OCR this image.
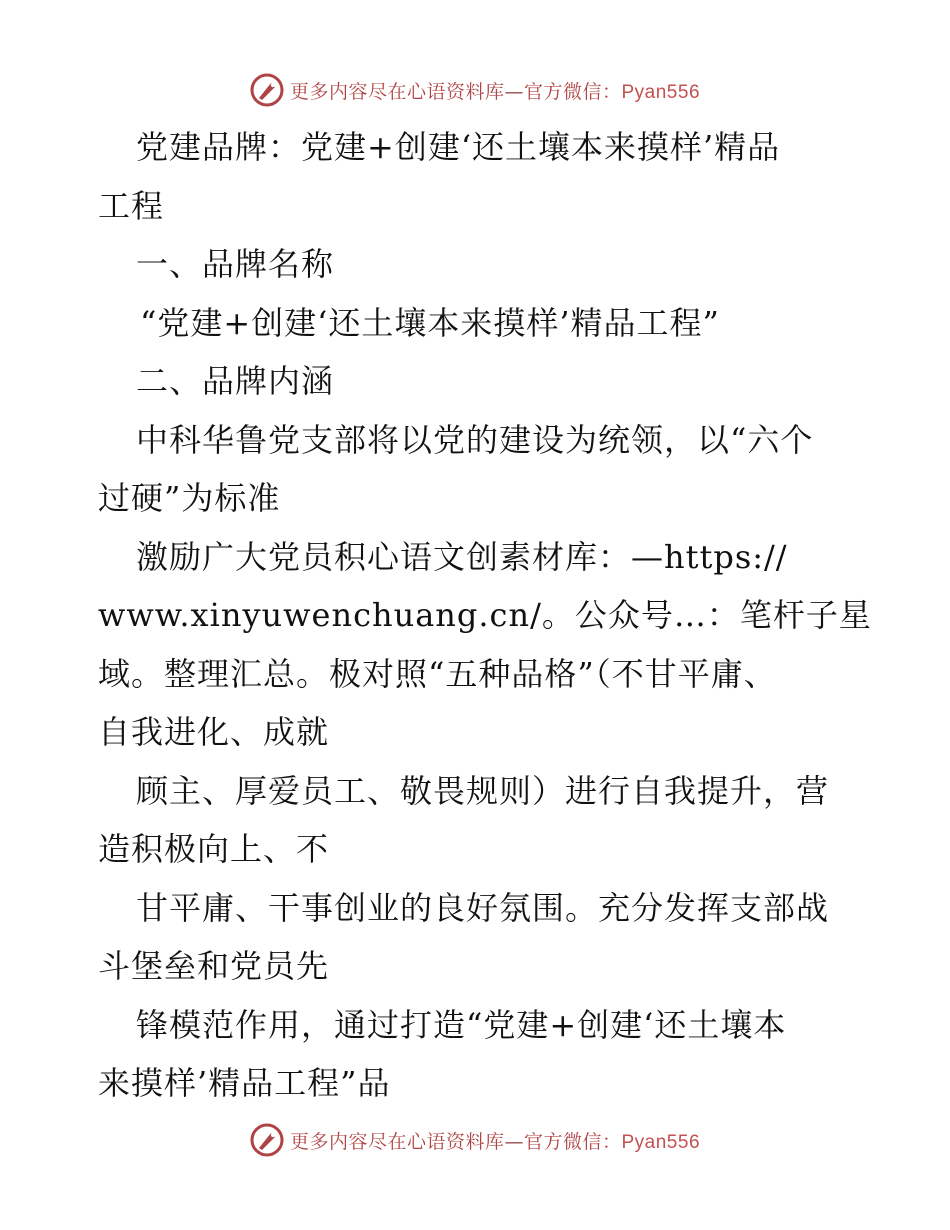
更多内容尽在心语资料库—官方微信：Pyan556
党建品牌：党建+创建‘还土壤本来摸样’精品
工程
一、品牌名称
“党建+创建‘还土壤本来摸样’精品工程”
二、品牌内涵
中科华鲁党支部将以党的建设为统领，以“六个
过硬”为标准
激励广大党员积心语文创素材库：—https://
www.xinyuwenchuang.cn/。公众号…：笔杆子星
域。整理汇总。极对照“五种品格”（不甘平庸、
自我进化、成就
顾主、厚爱员工、敬畏规则）进行自我提升，营
造积极向上、不
甘平庸、干事创业的良好氛围。充分发挥支部战
斗堡垒和党员先
锋模范作用，通过打造“党建+创建‘还土壤本
来摸样’精品工程”品
更多内容尽在心语资料库—官方微信：Pyan556
